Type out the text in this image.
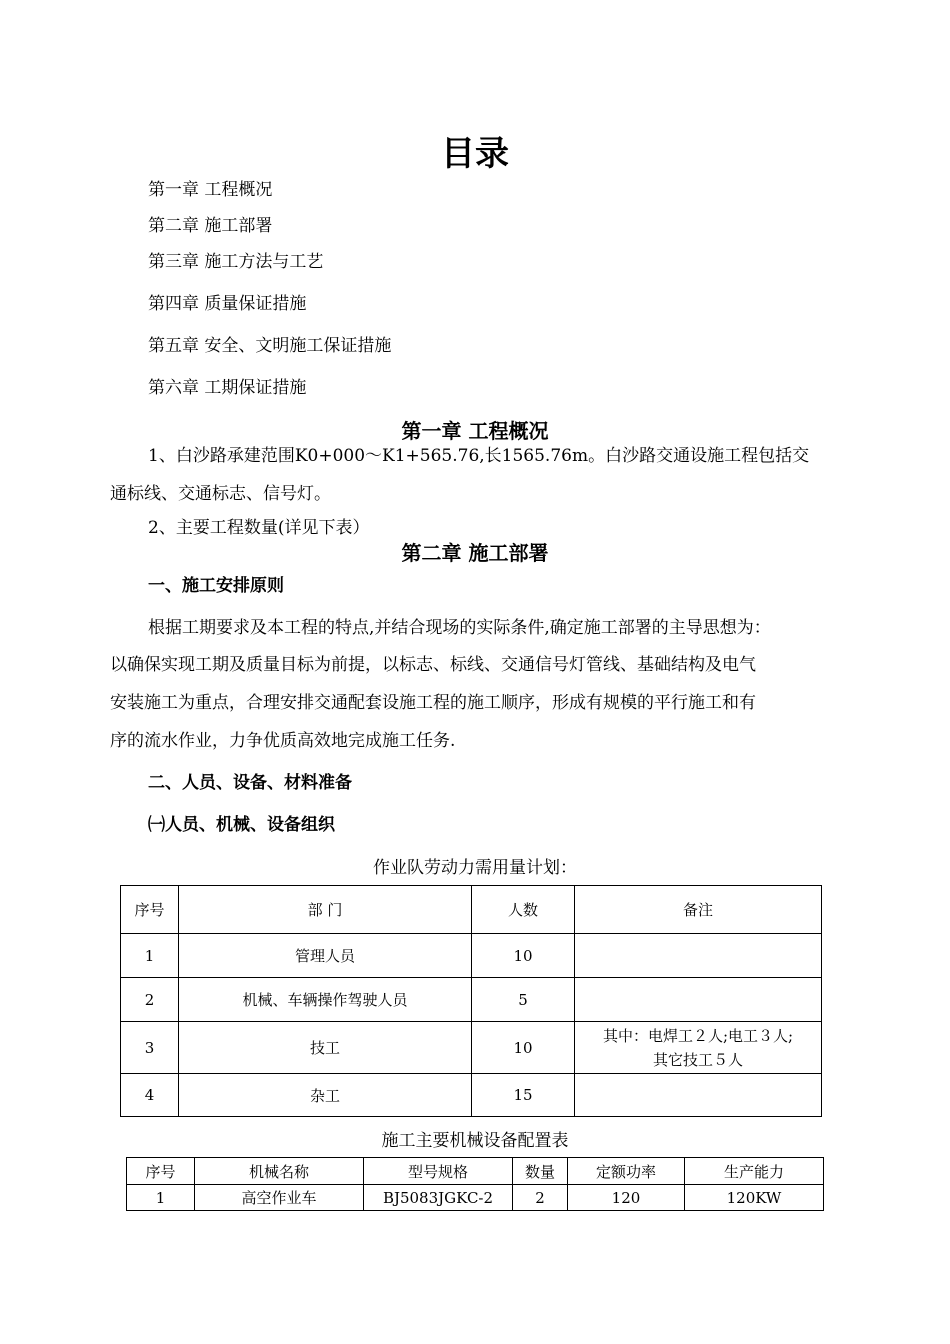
目录
第一章 工程概况
第二章 施工部署
第三章 施工方法与工艺
第四章 质量保证措施
第五章 安全、文明施工保证措施
第六章 工期保证措施
第一章 工程概况
1、白沙路承建范围K0+000～K1+565.76,长1565.76m。白沙路交通设施工程包括交
通标线、交通标志、信号灯。
2、主要工程数量(详见下表）
第二章 施工部署
一、施工安排原则
根据工期要求及本工程的特点,并结合现场的实际条件,确定施工部署的主导思想为：
以确保实现工期及质量目标为前提，以标志、标线、交通信号灯管线、基础结构及电气
安装施工为重点，合理安排交通配套设施工程的施工顺序，形成有规模的平行施工和有
序的流水作业，力争优质高效地完成施工任务.
二、人员、设备、材料准备
㈠人员、机械、设备组织
作业队劳动力需用量计划：
序号	部 门	人数	备注
1	管理人员	10	
2	机械、车辆操作驾驶人员	5	
3	技工	10	其中：电焊工２人;电工３人;
其它技工５人

4	杂工	15	
施工主要机械设备配置表
序号	机械名称	型号规格	数量	定额功率	生产能力
1	高空作业车	BJ5083JGKC-2	2	120	120KW
